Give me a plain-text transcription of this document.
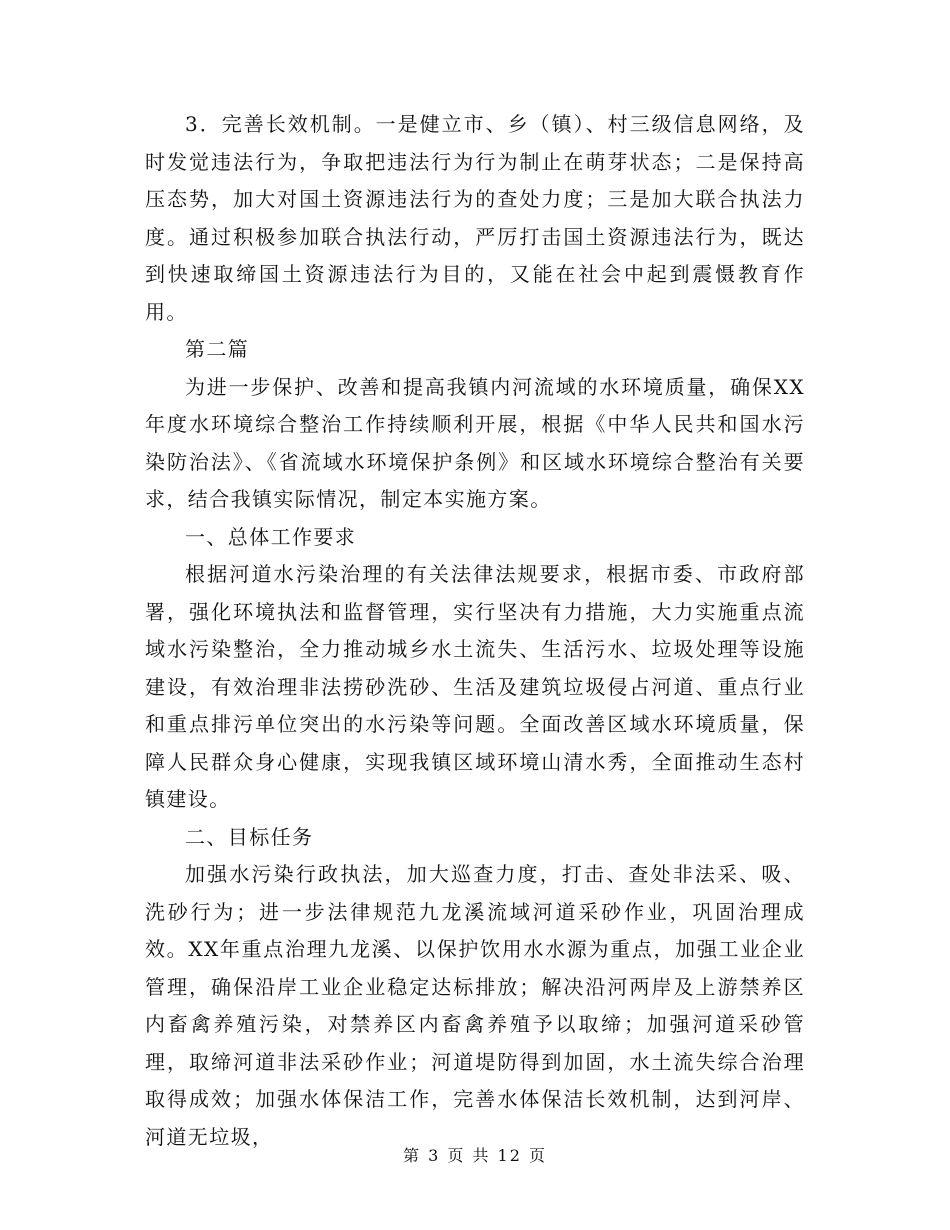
3．完善长效机制。一是健立市、乡（镇）、村三级信息网络，及时发觉违法行为，争取把违法行为行为制止在萌芽状态；二是保持高压态势，加大对国土资源违法行为的查处力度；三是加大联合执法力度。通过积极参加联合执法行动，严厉打击国土资源违法行为，既达到快速取缔国土资源违法行为目的，又能在社会中起到震慑教育作用。

第二篇

为进一步保护、改善和提高我镇内河流域的水环境质量，确保XX年度水环境综合整治工作持续顺利开展，根据《中华人民共和国水污染防治法》、《省流域水环境保护条例》和区域水环境综合整治有关要求，结合我镇实际情况，制定本实施方案。

一、总体工作要求

根据河道水污染治理的有关法律法规要求，根据市委、市政府部署，强化环境执法和监督管理，实行坚决有力措施，大力实施重点流域水污染整治，全力推动城乡水土流失、生活污水、垃圾处理等设施建设，有效治理非法捞砂洗砂、生活及建筑垃圾侵占河道、重点行业和重点排污单位突出的水污染等问题。全面改善区域水环境质量，保障人民群众身心健康，实现我镇区域环境山清水秀，全面推动生态村镇建设。

二、目标任务

加强水污染行政执法，加大巡查力度，打击、查处非法采、吸、洗砂行为；进一步法律规范九龙溪流域河道采砂作业，巩固治理成效。XX年重点治理九龙溪、以保护饮用水水源为重点，加强工业企业管理，确保沿岸工业企业稳定达标排放；解决沿河两岸及上游禁养区内畜禽养殖污染，对禁养区内畜禽养殖予以取缔；加强河道采砂管理，取缔河道非法采砂作业；河道堤防得到加固，水土流失综合治理取得成效；加强水体保洁工作，完善水体保洁长效机制，达到河岸、河道无垃圾，

第 3 页 共 12 页
